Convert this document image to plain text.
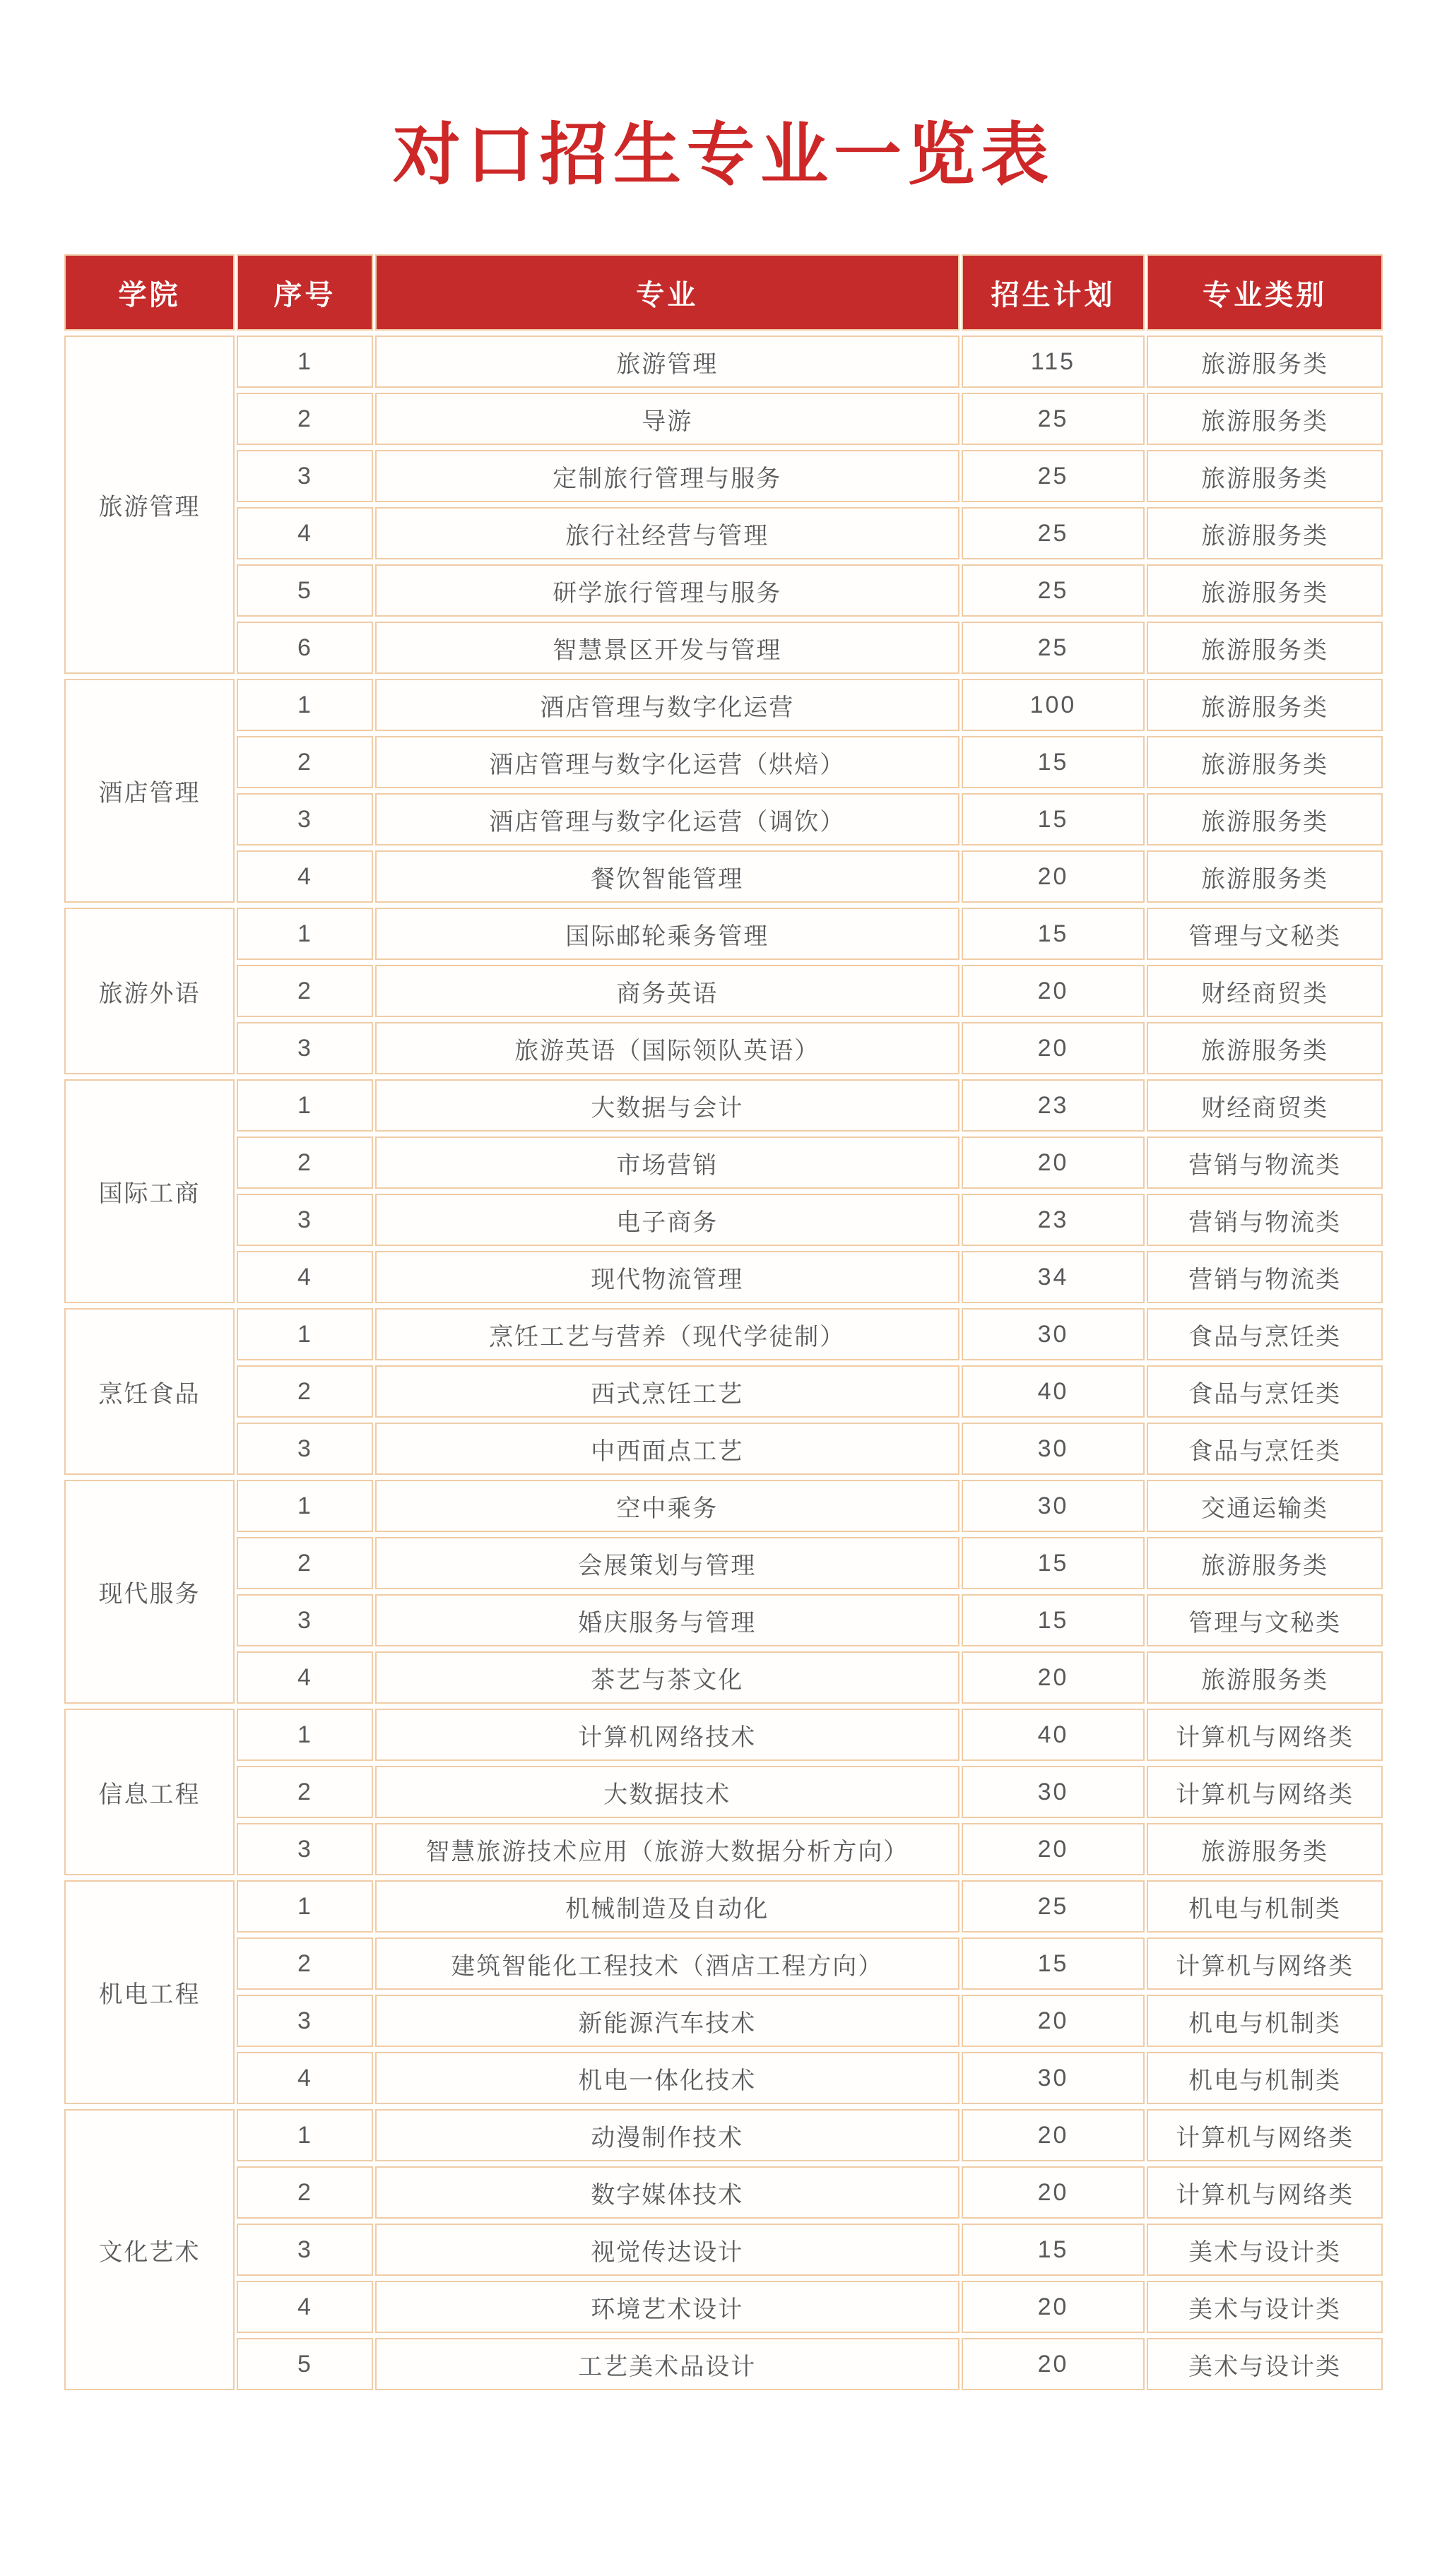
对口招生专业一览表
学院	序号	专业	招生计划	专业类别
旅游管理	1	旅游管理	115	旅游服务类
	2	导游	25	旅游服务类
	3	定制旅行管理与服务	25	旅游服务类
	4	旅行社经营与管理	25	旅游服务类
	5	研学旅行管理与服务	25	旅游服务类
	6	智慧景区开发与管理	25	旅游服务类
酒店管理	1	酒店管理与数字化运营	100	旅游服务类
	2	酒店管理与数字化运营（烘焙）	15	旅游服务类
	3	酒店管理与数字化运营（调饮）	15	旅游服务类
	4	餐饮智能管理	20	旅游服务类
旅游外语	1	国际邮轮乘务管理	15	管理与文秘类
	2	商务英语	20	财经商贸类
	3	旅游英语（国际领队英语）	20	旅游服务类
国际工商	1	大数据与会计	23	财经商贸类
	2	市场营销	20	营销与物流类
	3	电子商务	23	营销与物流类
	4	现代物流管理	34	营销与物流类
烹饪食品	1	烹饪工艺与营养（现代学徒制）	30	食品与烹饪类
	2	西式烹饪工艺	40	食品与烹饪类
	3	中西面点工艺	30	食品与烹饪类
现代服务	1	空中乘务	30	交通运输类
	2	会展策划与管理	15	旅游服务类
	3	婚庆服务与管理	15	管理与文秘类
	4	茶艺与茶文化	20	旅游服务类
信息工程	1	计算机网络技术	40	计算机与网络类
	2	大数据技术	30	计算机与网络类
	3	智慧旅游技术应用（旅游大数据分析方向）	20	旅游服务类
机电工程	1	机械制造及自动化	25	机电与机制类
	2	建筑智能化工程技术（酒店工程方向）	15	计算机与网络类
	3	新能源汽车技术	20	机电与机制类
	4	机电一体化技术	30	机电与机制类
文化艺术	1	动漫制作技术	20	计算机与网络类
	2	数字媒体技术	20	计算机与网络类
	3	视觉传达设计	15	美术与设计类
	4	环境艺术设计	20	美术与设计类
	5	工艺美术品设计	20	美术与设计类
